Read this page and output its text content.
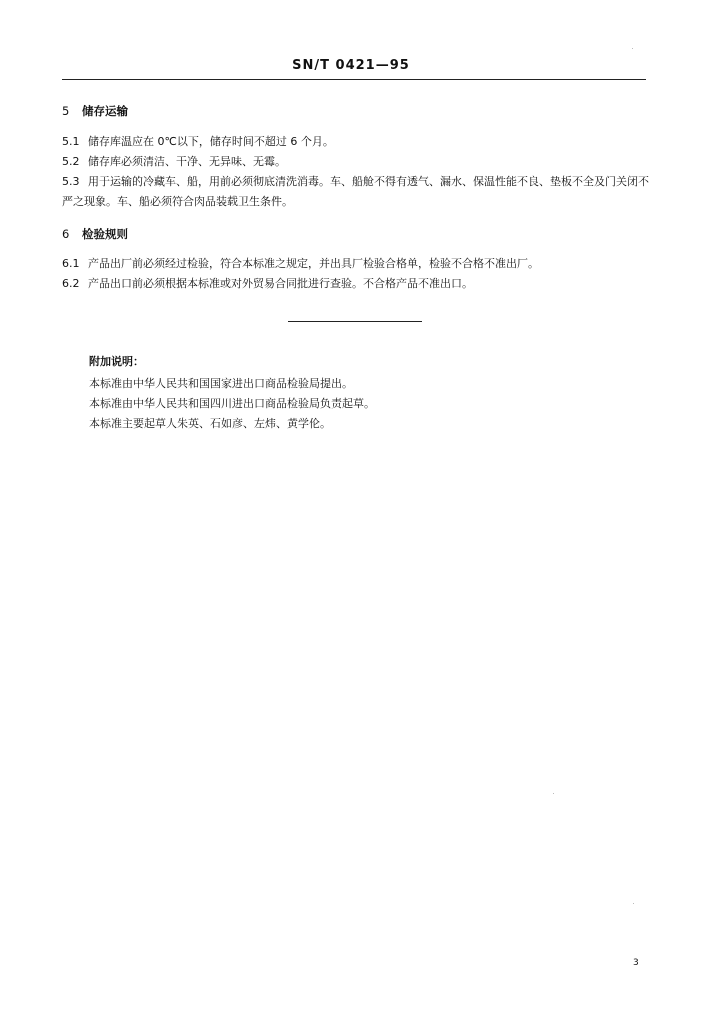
SN/T 0421—95
5 储存运输
5.1 储存库温应在 0℃以下，储存时间不超过 6 个月。
5.2 储存库必须清洁、干净、无异味、无霉。
5.3 用于运输的冷藏车、船，用前必须彻底清洗消毒。车、船舱不得有透气、漏水、保温性能不良、垫板不全及门关闭不严之现象。车、船必须符合肉品装载卫生条件。
6 检验规则
6.1 产品出厂前必须经过检验，符合本标准之规定，并出具厂检验合格单，检验不合格不准出厂。
6.2 产品出口前必须根据本标准或对外贸易合同批进行查验。不合格产品不准出口。
附加说明：
本标准由中华人民共和国国家进出口商品检验局提出。
本标准由中华人民共和国四川进出口商品检验局负责起草。
本标准主要起草人朱英、石如彦、左炜、黄学伦。
3
